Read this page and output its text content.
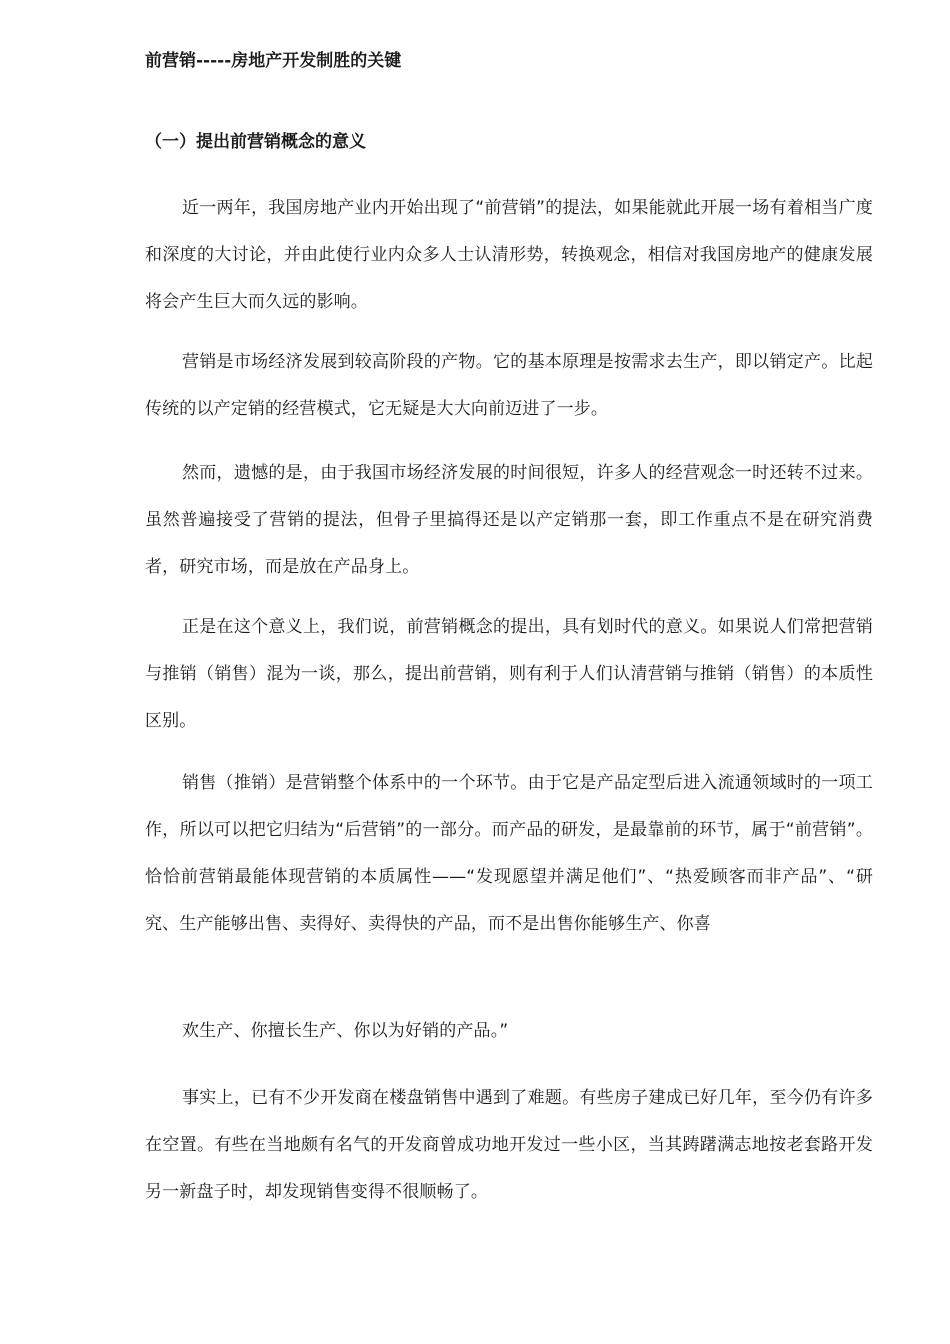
前营销-----房地产开发制胜的关键
（一）提出前营销概念的意义

近一两年，我国房地产业内开始出现了“前营销”的提法，如果能就此开展一场有着相当广度和深度的大讨论，并由此使行业内众多人士认清形势，转换观念，相信对我国房地产的健康发展将会产生巨大而久远的影响。

营销是市场经济发展到较高阶段的产物。它的基本原理是按需求去生产，即以销定产。比起传统的以产定销的经营模式，它无疑是大大向前迈进了一步。

然而，遗憾的是，由于我国市场经济发展的时间很短，许多人的经营观念一时还转不过来。虽然普遍接受了营销的提法，但骨子里搞得还是以产定销那一套，即工作重点不是在研究消费者，研究市场，而是放在产品身上。

正是在这个意义上，我们说，前营销概念的提出，具有划时代的意义。如果说人们常把营销与推销（销售）混为一谈，那么，提出前营销，则有利于人们认清营销与推销（销售）的本质性区别。

销售（推销）是营销整个体系中的一个环节。由于它是产品定型后进入流通领域时的一项工作，所以可以把它归结为“后营销”的一部分。而产品的研发，是最靠前的环节，属于“前营销”。恰恰前营销最能体现营销的本质属性——“发现愿望并满足他们”、“热爱顾客而非产品”、“研究、生产能够出售、卖得好、卖得快的产品，而不是出售你能够生产、你喜

欢生产、你擅长生产、你以为好销的产品。”

事实上，已有不少开发商在楼盘销售中遇到了难题。有些房子建成已好几年，至今仍有许多在空置。有些在当地颇有名气的开发商曾成功地开发过一些小区，当其踌躇满志地按老套路开发另一新盘子时，却发现销售变得不很顺畅了。
